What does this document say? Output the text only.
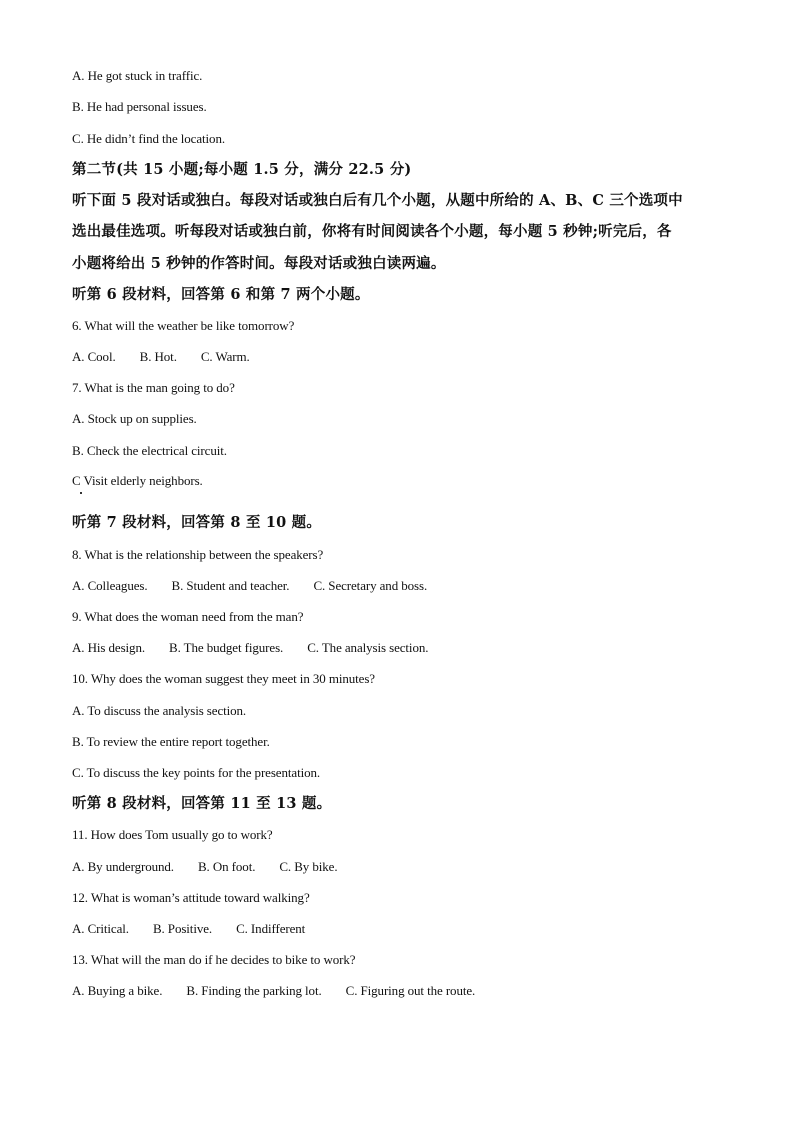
A. He got stuck in traffic.
B. He had personal issues.
C. He didn’t find the location.
第二节(共 15 小题;每小题 1.5 分，满分 22.5 分)
听下面 5 段对话或独白。每段对话或独白后有几个小题，从题中所给的 A、B、C 三个选项中
选出最佳选项。听每段对话或独白前，你将有时间阅读各个小题，每小题 5 秒钟;听完后，各
小题将给出 5 秒钟的作答时间。每段对话或独白读两遍。
听第 6 段材料，回答第 6 和第 7 两个小题。
6. What will the weather be like tomorrow?
A. Cool. B. Hot. C. Warm.
7. What is the man going to do?
A. Stock up on supplies.
B. Check the electrical circuit.
C Visit elderly neighbors.
听第 7 段材料，回答第 8 至 10 题。
8. What is the relationship between the speakers?
A. Colleagues. B. Student and teacher. C. Secretary and boss.
9. What does the woman need from the man?
A. His design. B. The budget figures. C. The analysis section.
10. Why does the woman suggest they meet in 30 minutes?
A. To discuss the analysis section.
B. To review the entire report together.
C. To discuss the key points for the presentation.
听第 8 段材料，回答第 11 至 13 题。
11. How does Tom usually go to work?
A. By underground. B. On foot. C. By bike.
12. What is woman’s attitude toward walking?
A. Critical. B. Positive. C. Indifferent
13. What will the man do if he decides to bike to work?
A. Buying a bike. B. Finding the parking lot. C. Figuring out the route.
